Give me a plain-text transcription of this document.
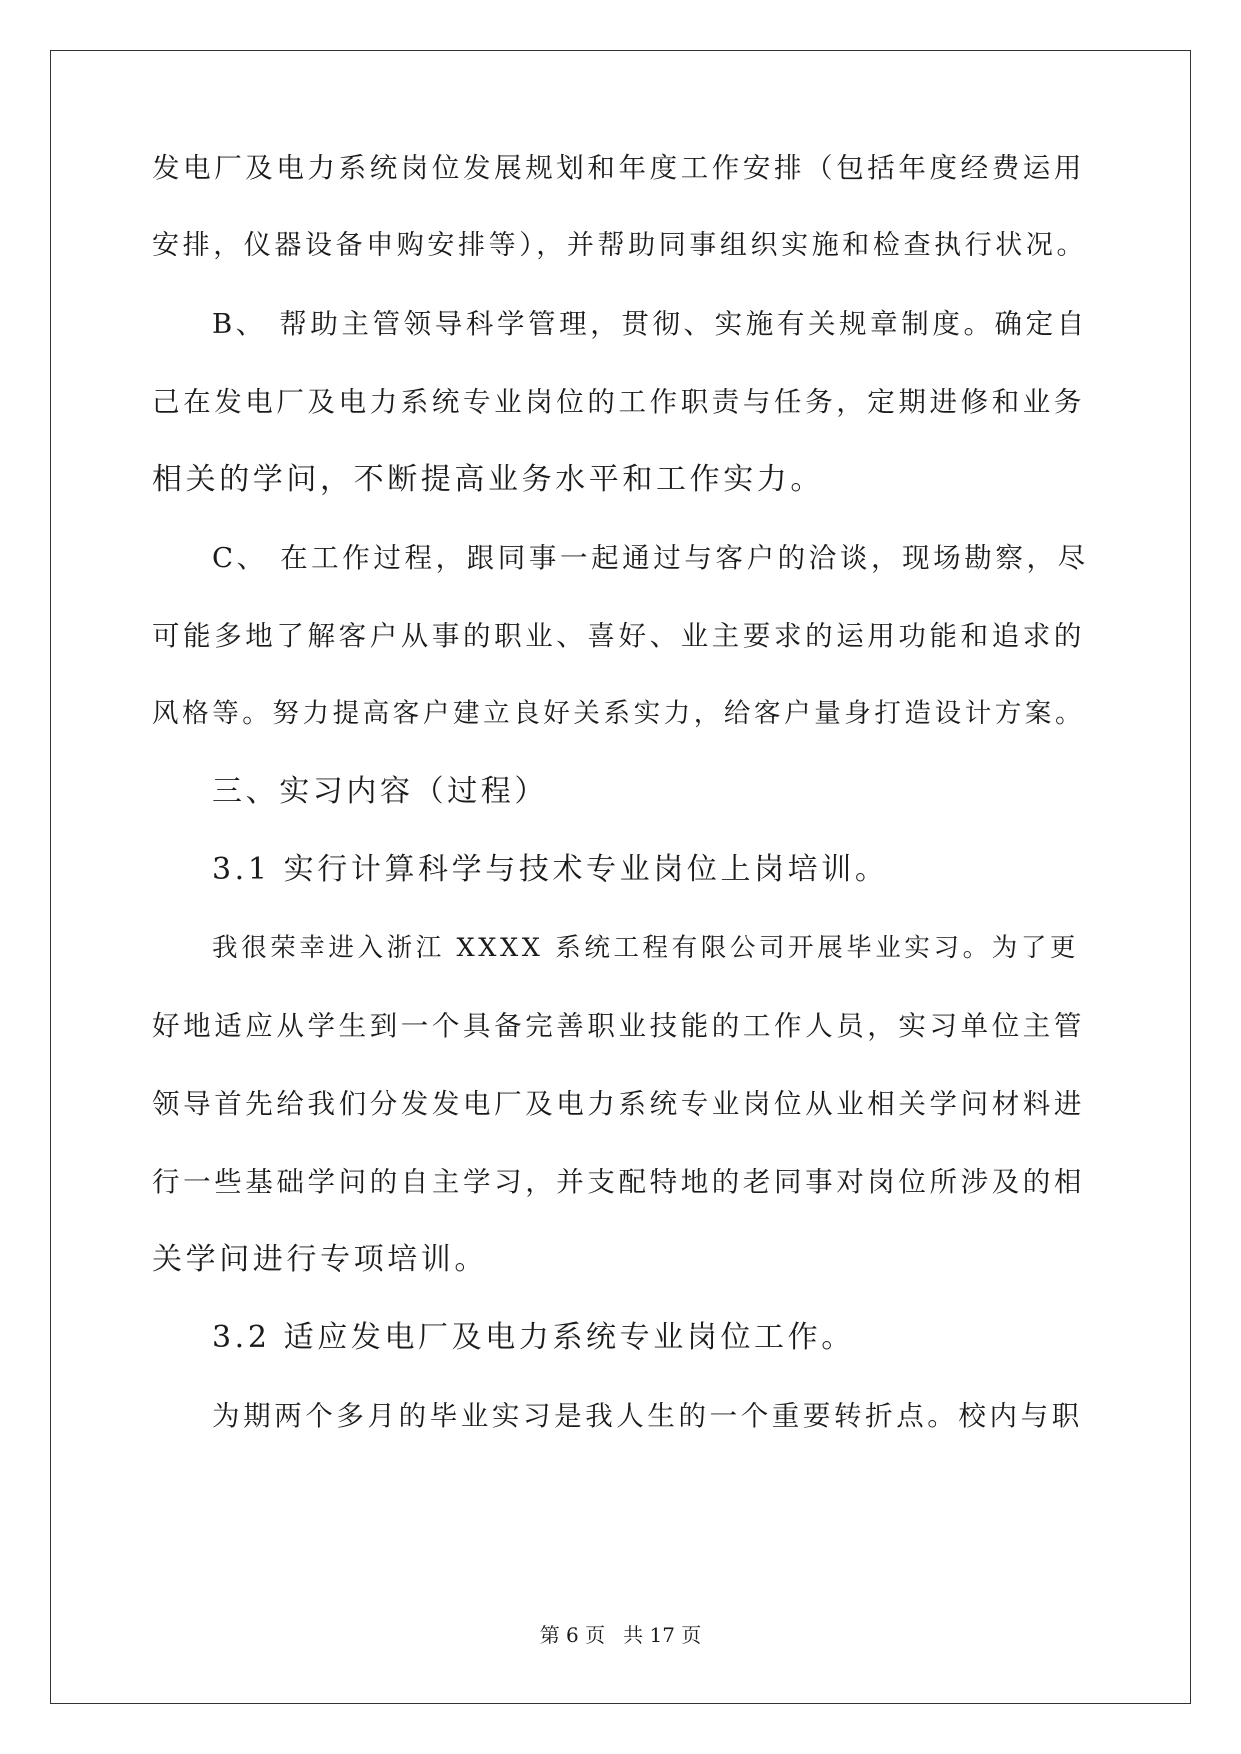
发电厂及电力系统岗位发展规划和年度工作安排（包括年度经费运用
安排，仪器设备申购安排等），并帮助同事组织实施和检查执行状况。
B、 帮助主管领导科学管理，贯彻、实施有关规章制度。确定自
己在发电厂及电力系统专业岗位的工作职责与任务，定期进修和业务
相关的学问，不断提高业务水平和工作实力。
C、 在工作过程，跟同事一起通过与客户的洽谈，现场勘察，尽
可能多地了解客户从事的职业、喜好、业主要求的运用功能和追求的
风格等。努力提高客户建立良好关系实力，给客户量身打造设计方案。
三、实习内容（过程）
3.1 实行计算科学与技术专业岗位上岗培训。
我很荣幸进入浙江 XXXX 系统工程有限公司开展毕业实习。为了更
好地适应从学生到一个具备完善职业技能的工作人员，实习单位主管
领导首先给我们分发发电厂及电力系统专业岗位从业相关学问材料进
行一些基础学问的自主学习，并支配特地的老同事对岗位所涉及的相
关学问进行专项培训。
3.2 适应发电厂及电力系统专业岗位工作。
为期两个多月的毕业实习是我人生的一个重要转折点。校内与职
第 6 页 共 17 页
